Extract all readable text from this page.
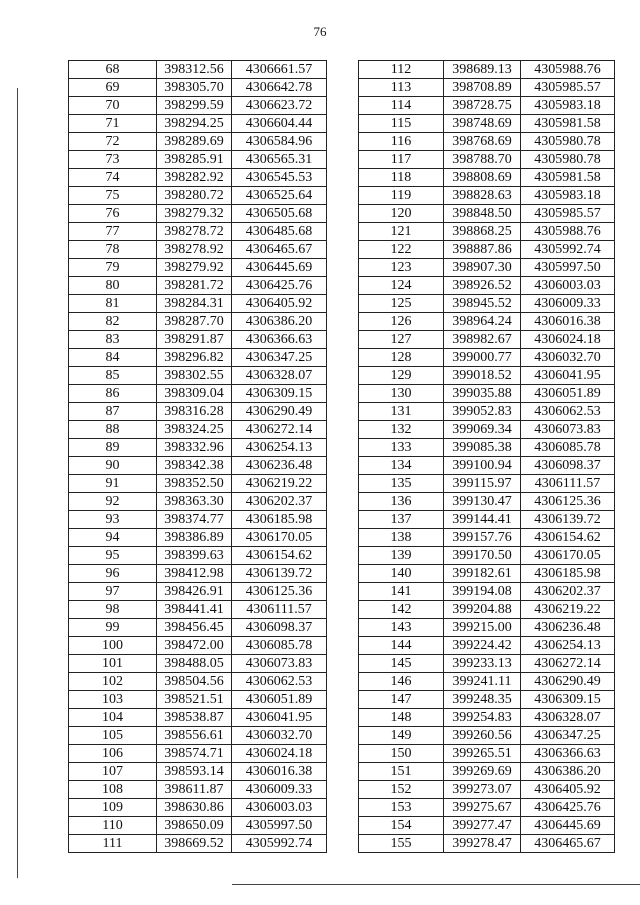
76
68	398312.56	4306661.57
69	398305.70	4306642.78
70	398299.59	4306623.72
71	398294.25	4306604.44
72	398289.69	4306584.96
73	398285.91	4306565.31
74	398282.92	4306545.53
75	398280.72	4306525.64
76	398279.32	4306505.68
77	398278.72	4306485.68
78	398278.92	4306465.67
79	398279.92	4306445.69
80	398281.72	4306425.76
81	398284.31	4306405.92
82	398287.70	4306386.20
83	398291.87	4306366.63
84	398296.82	4306347.25
85	398302.55	4306328.07
86	398309.04	4306309.15
87	398316.28	4306290.49
88	398324.25	4306272.14
89	398332.96	4306254.13
90	398342.38	4306236.48
91	398352.50	4306219.22
92	398363.30	4306202.37
93	398374.77	4306185.98
94	398386.89	4306170.05
95	398399.63	4306154.62
96	398412.98	4306139.72
97	398426.91	4306125.36
98	398441.41	4306111.57
99	398456.45	4306098.37
100	398472.00	4306085.78
101	398488.05	4306073.83
102	398504.56	4306062.53
103	398521.51	4306051.89
104	398538.87	4306041.95
105	398556.61	4306032.70
106	398574.71	4306024.18
107	398593.14	4306016.38
108	398611.87	4306009.33
109	398630.86	4306003.03
110	398650.09	4305997.50
111	398669.52	4305992.74
112	398689.13	4305988.76
113	398708.89	4305985.57
114	398728.75	4305983.18
115	398748.69	4305981.58
116	398768.69	4305980.78
117	398788.70	4305980.78
118	398808.69	4305981.58
119	398828.63	4305983.18
120	398848.50	4305985.57
121	398868.25	4305988.76
122	398887.86	4305992.74
123	398907.30	4305997.50
124	398926.52	4306003.03
125	398945.52	4306009.33
126	398964.24	4306016.38
127	398982.67	4306024.18
128	399000.77	4306032.70
129	399018.52	4306041.95
130	399035.88	4306051.89
131	399052.83	4306062.53
132	399069.34	4306073.83
133	399085.38	4306085.78
134	399100.94	4306098.37
135	399115.97	4306111.57
136	399130.47	4306125.36
137	399144.41	4306139.72
138	399157.76	4306154.62
139	399170.50	4306170.05
140	399182.61	4306185.98
141	399194.08	4306202.37
142	399204.88	4306219.22
143	399215.00	4306236.48
144	399224.42	4306254.13
145	399233.13	4306272.14
146	399241.11	4306290.49
147	399248.35	4306309.15
148	399254.83	4306328.07
149	399260.56	4306347.25
150	399265.51	4306366.63
151	399269.69	4306386.20
152	399273.07	4306405.92
153	399275.67	4306425.76
154	399277.47	4306445.69
155	399278.47	4306465.67
